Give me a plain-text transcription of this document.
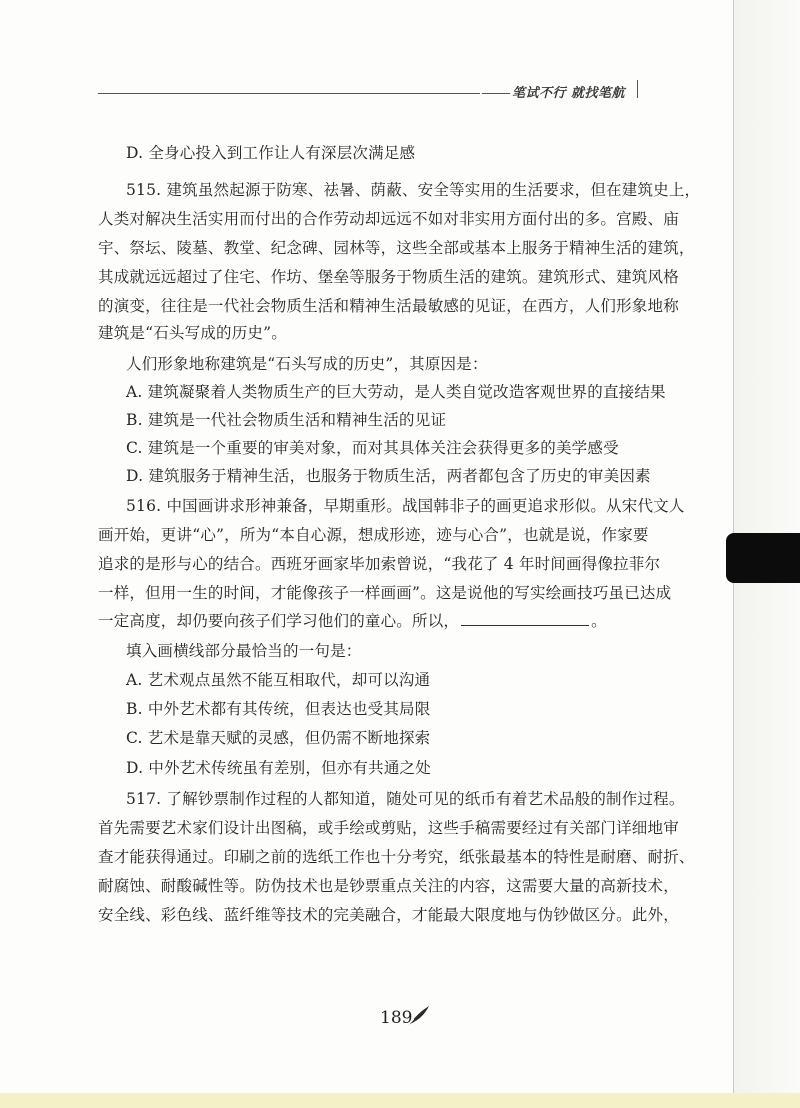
笔试不行 就找笔航
D. 全身心投入到工作让人有深层次满足感
515. 建筑虽然起源于防寒、祛暑、荫蔽、安全等实用的生活要求，但在建筑史上，
人类对解决生活实用而付出的合作劳动却远远不如对非实用方面付出的多。宫殿、庙
宇、祭坛、陵墓、教堂、纪念碑、园林等，这些全部或基本上服务于精神生活的建筑，
其成就远远超过了住宅、作坊、堡垒等服务于物质生活的建筑。建筑形式、建筑风格
的演变，往往是一代社会物质生活和精神生活最敏感的见证，在西方，人们形象地称
建筑是“石头写成的历史”。
人们形象地称建筑是“石头写成的历史”，其原因是：
A. 建筑凝聚着人类物质生产的巨大劳动，是人类自觉改造客观世界的直接结果
B. 建筑是一代社会物质生活和精神生活的见证
C. 建筑是一个重要的审美对象，而对其具体关注会获得更多的美学感受
D. 建筑服务于精神生活，也服务于物质生活，两者都包含了历史的审美因素
516. 中国画讲求形神兼备，早期重形。战国韩非子的画更追求形似。从宋代文人
画开始，更讲“心”，所为“本自心源，想成形迹，迹与心合”，也就是说，作家要
追求的是形与心的结合。西班牙画家毕加索曾说，“我花了 4 年时间画得像拉菲尔
一样，但用一生的时间，才能像孩子一样画画”。这是说他的写实绘画技巧虽已达成
一定高度，却仍要向孩子们学习他们的童心。所以，	。
填入画横线部分最恰当的一句是：
A. 艺术观点虽然不能互相取代，却可以沟通
B. 中外艺术都有其传统，但表达也受其局限
C. 艺术是靠天赋的灵感，但仍需不断地探索
D. 中外艺术传统虽有差别，但亦有共通之处
517. 了解钞票制作过程的人都知道，随处可见的纸币有着艺术品般的制作过程。
首先需要艺术家们设计出图稿，或手绘或剪贴，这些手稿需要经过有关部门详细地审
查才能获得通过。印刷之前的选纸工作也十分考究，纸张最基本的特性是耐磨、耐折、
耐腐蚀、耐酸碱性等。防伪技术也是钞票重点关注的内容，这需要大量的高新技术，
安全线、彩色线、蓝纤维等技术的完美融合，才能最大限度地与伪钞做区分。此外，
189
